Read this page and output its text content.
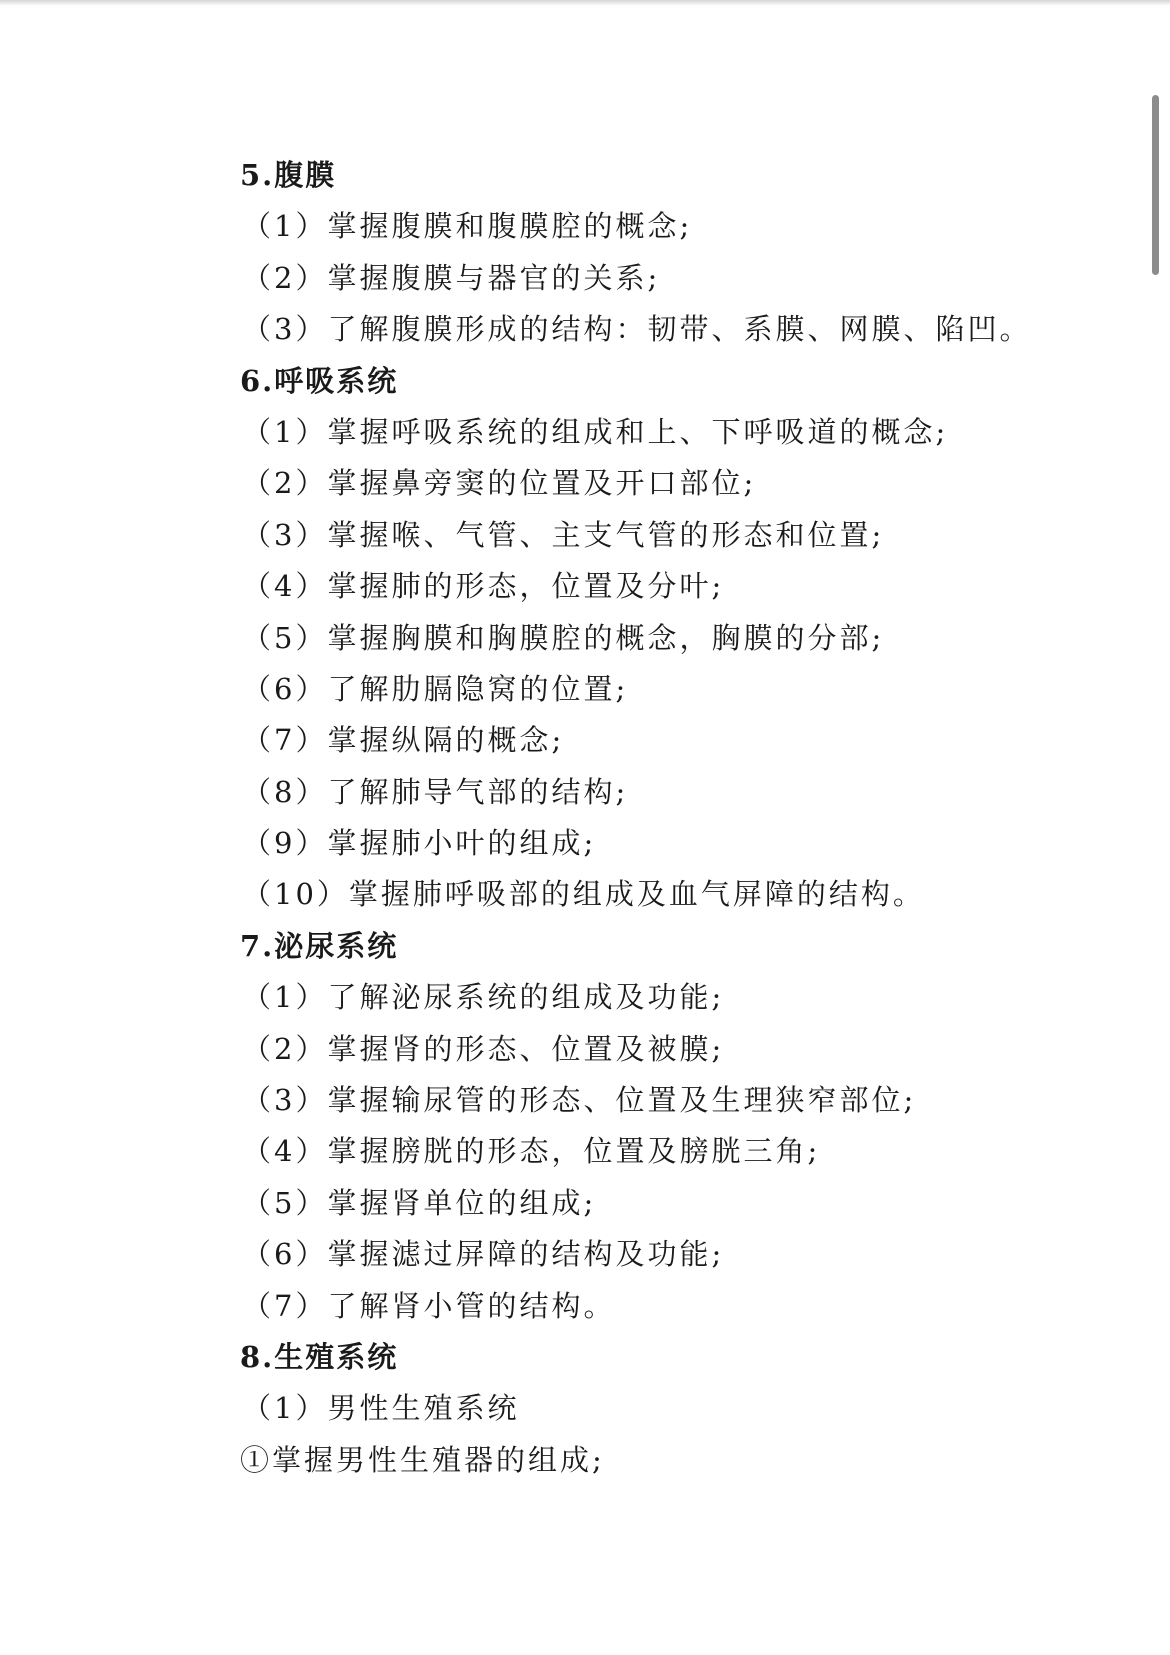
5.腹膜
（1）掌握腹膜和腹膜腔的概念;
（2）掌握腹膜与器官的关系;
（3）了解腹膜形成的结构：韧带、系膜、网膜、陷凹。
6.呼吸系统
（1）掌握呼吸系统的组成和上、下呼吸道的概念;
（2）掌握鼻旁窦的位置及开口部位;
（3）掌握喉、气管、主支气管的形态和位置;
（4）掌握肺的形态，位置及分叶;
（5）掌握胸膜和胸膜腔的概念，胸膜的分部;
（6）了解肋膈隐窝的位置;
（7）掌握纵隔的概念;
（8）了解肺导气部的结构;
（9）掌握肺小叶的组成;
（10）掌握肺呼吸部的组成及血气屏障的结构。
7.泌尿系统
（1）了解泌尿系统的组成及功能;
（2）掌握肾的形态、位置及被膜;
（3）掌握输尿管的形态、位置及生理狭窄部位;
（4）掌握膀胱的形态，位置及膀胱三角;
（5）掌握肾单位的组成;
（6）掌握滤过屏障的结构及功能;
（7）了解肾小管的结构。
8.生殖系统
（1）男性生殖系统
①掌握男性生殖器的组成;
